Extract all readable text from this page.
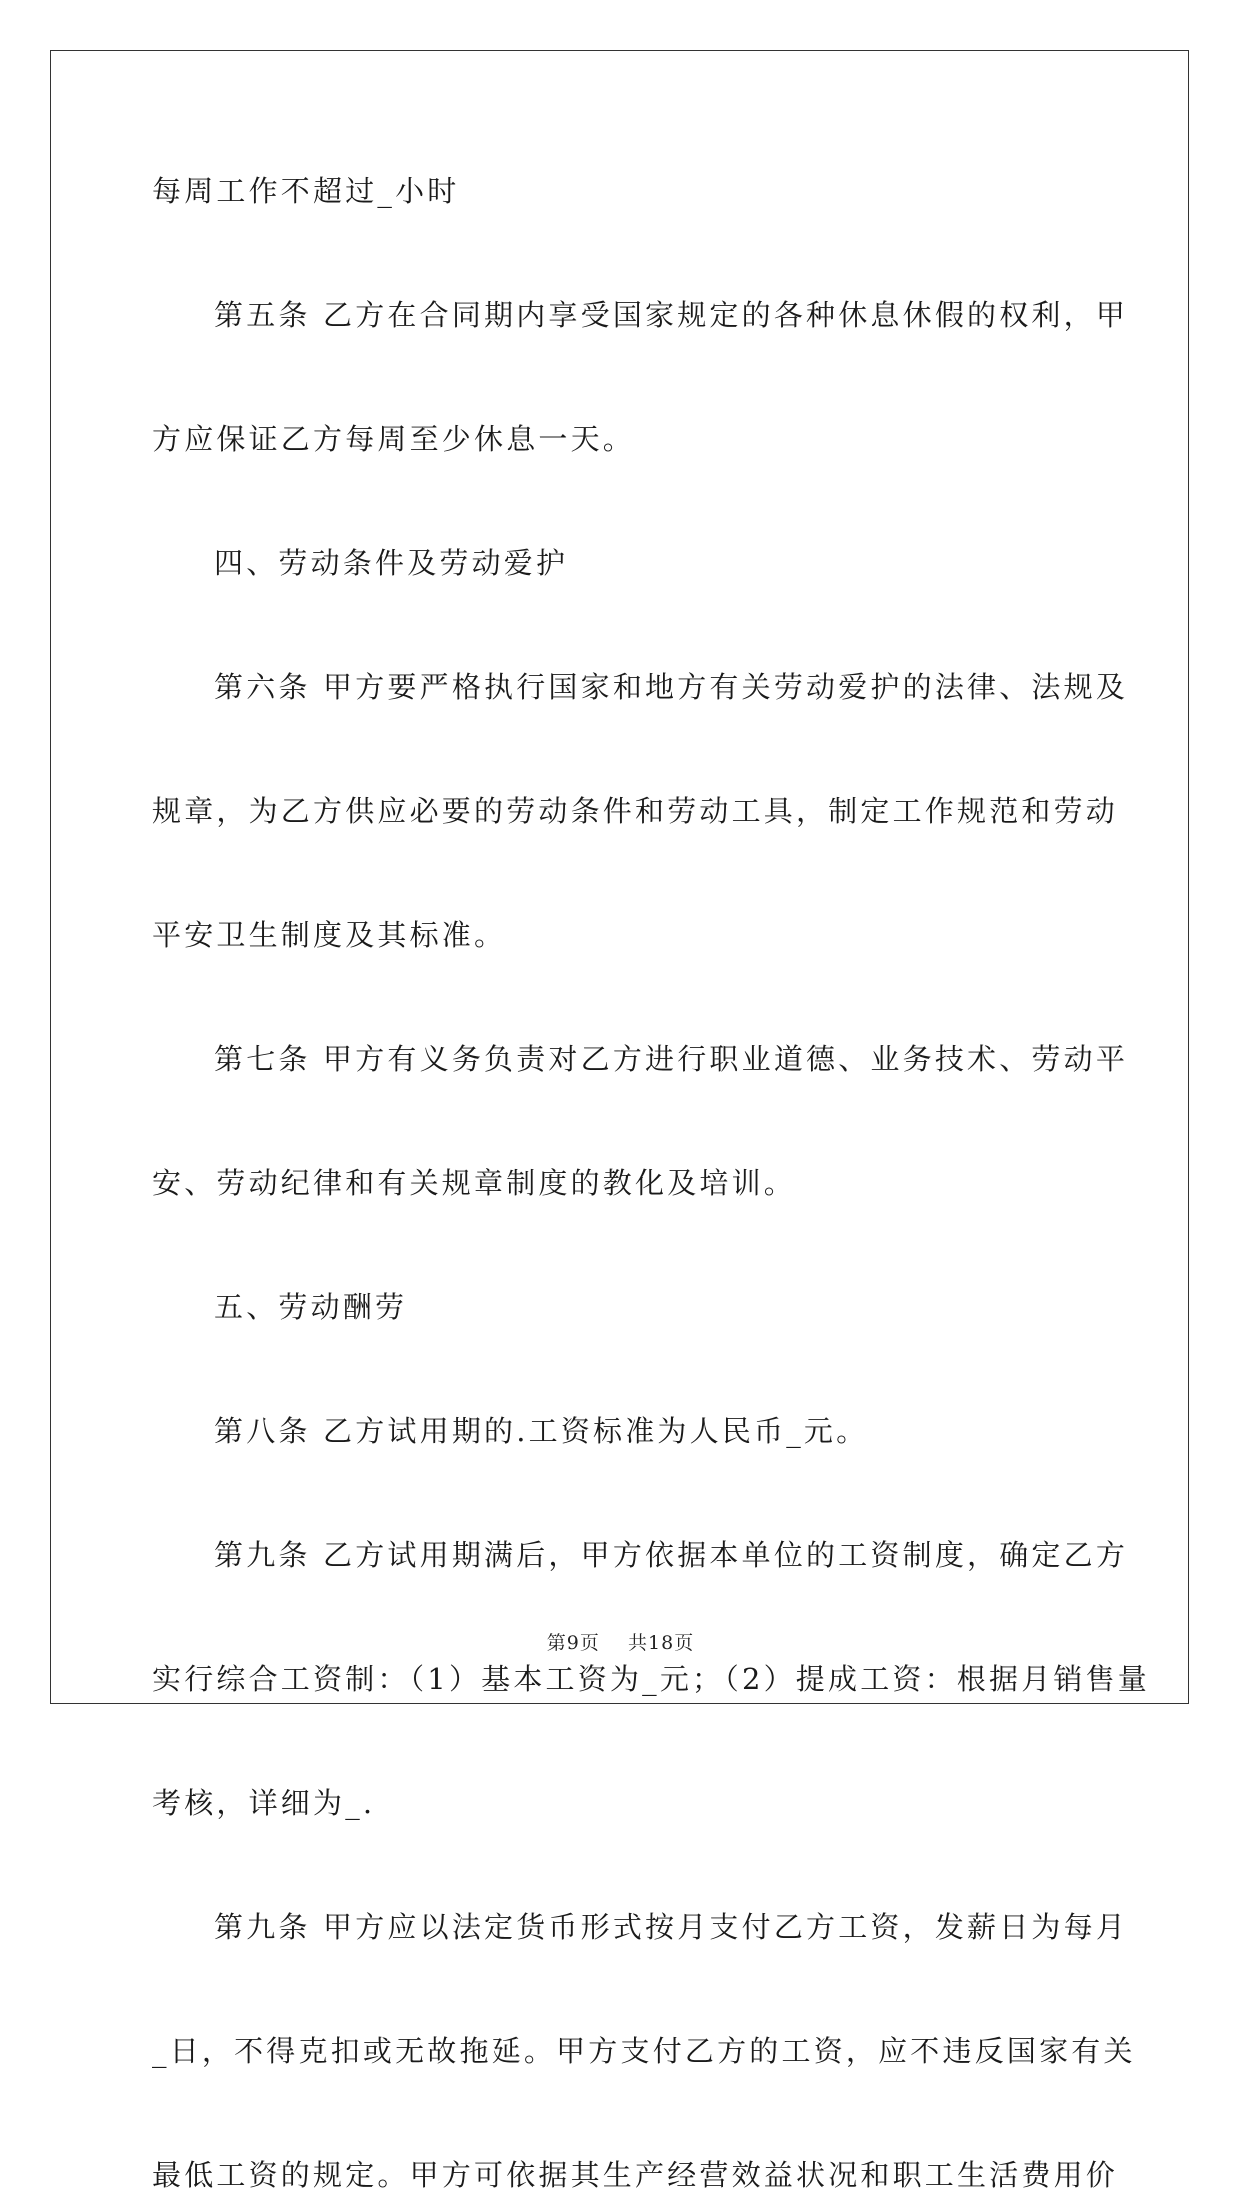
每周工作不超过_小时
第五条 乙方在合同期内享受国家规定的各种休息休假的权利，甲
方应保证乙方每周至少休息一天。
四、劳动条件及劳动爱护
第六条 甲方要严格执行国家和地方有关劳动爱护的法律、法规及
规章，为乙方供应必要的劳动条件和劳动工具，制定工作规范和劳动
平安卫生制度及其标准。
第七条 甲方有义务负责对乙方进行职业道德、业务技术、劳动平
安、劳动纪律和有关规章制度的教化及培训。
五、劳动酬劳
第八条 乙方试用期的.工资标准为人民币_元。
第九条 乙方试用期满后，甲方依据本单位的工资制度，确定乙方
实行综合工资制：（1）基本工资为_元；（2）提成工资：根据月销售量
考核，详细为_.
第九条 甲方应以法定货币形式按月支付乙方工资，发薪日为每月
_日，不得克扣或无故拖延。甲方支付乙方的工资，应不违反国家有关
最低工资的规定。甲方可依据其生产经营效益状况和职工生活费用价
第9页 共18页
